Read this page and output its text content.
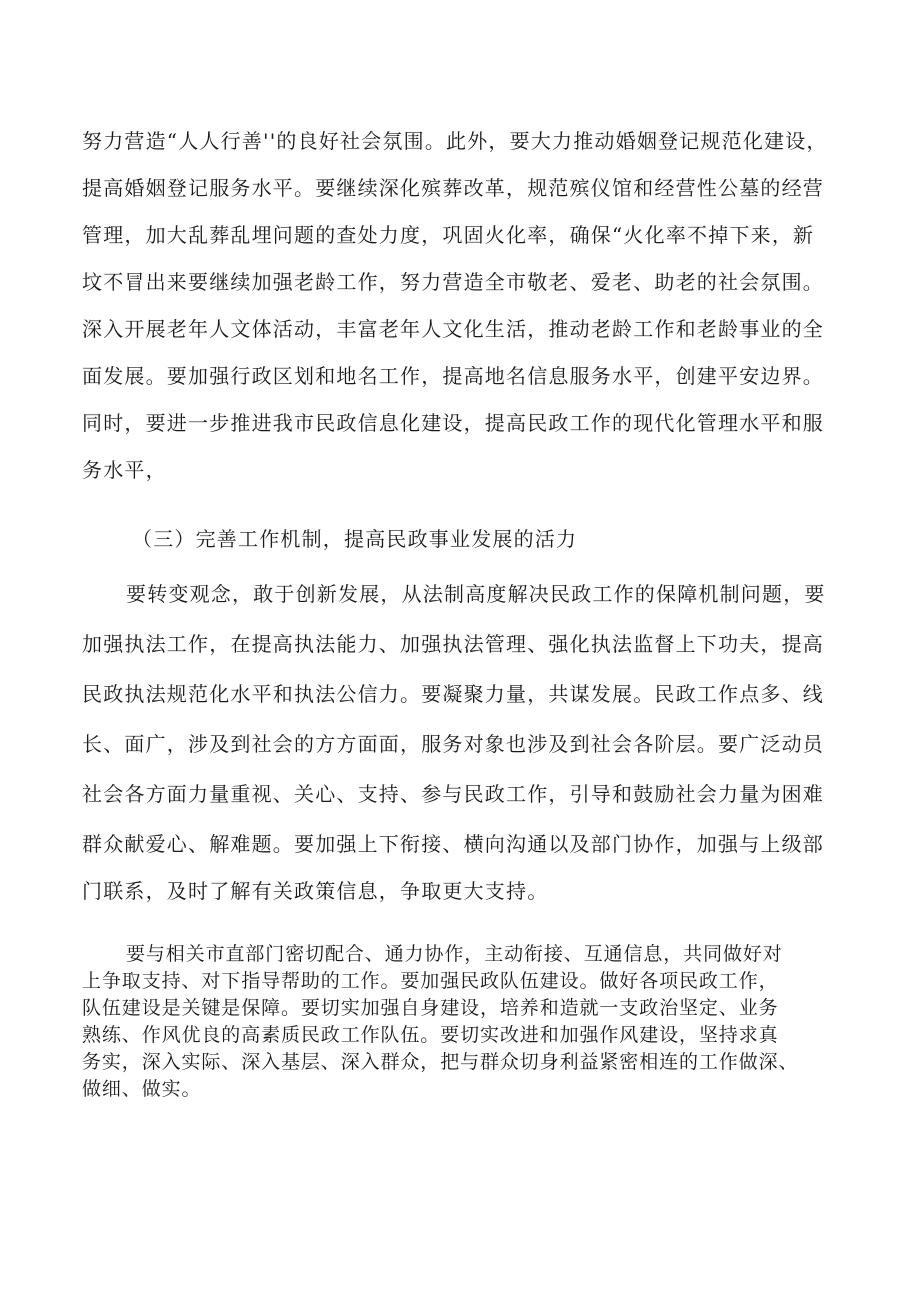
努力营造“人人行善''的良好社会氛围。此外，要大力推动婚姻登记规范化建设，
提高婚姻登记服务水平。要继续深化殡葬改革，规范殡仪馆和经营性公墓的经营
管理，加大乱葬乱埋问题的查处力度，巩固火化率，确保“火化率不掉下来，新
坟不冒出来要继续加强老龄工作，努力营造全市敬老、爱老、助老的社会氛围。
深入开展老年人文体活动，丰富老年人文化生活，推动老龄工作和老龄事业的全
面发展。要加强行政区划和地名工作，提高地名信息服务水平，创建平安边界。
同时，要进一步推进我市民政信息化建设，提高民政工作的现代化管理水平和服
务水平，
（三）完善工作机制，提高民政事业发展的活力
要转变观念，敢于创新发展，从法制高度解决民政工作的保障机制问题，要
加强执法工作，在提高执法能力、加强执法管理、强化执法监督上下功夫，提高
民政执法规范化水平和执法公信力。要凝聚力量，共谋发展。民政工作点多、线
长、面广，涉及到社会的方方面面，服务对象也涉及到社会各阶层。要广泛动员
社会各方面力量重视、关心、支持、参与民政工作，引导和鼓励社会力量为困难
群众献爱心、解难题。要加强上下衔接、横向沟通以及部门协作，加强与上级部
门联系，及时了解有关政策信息，争取更大支持。
要与相关市直部门密切配合、通力协作，主动衔接、互通信息，共同做好对
上争取支持、对下指导帮助的工作。要加强民政队伍建设。做好各项民政工作，
队伍建设是关键是保障。要切实加强自身建设，培养和造就一支政治坚定、业务
熟练、作风优良的高素质民政工作队伍。要切实改进和加强作风建设，坚持求真
务实，深入实际、深入基层、深入群众，把与群众切身利益紧密相连的工作做深、
做细、做实。
